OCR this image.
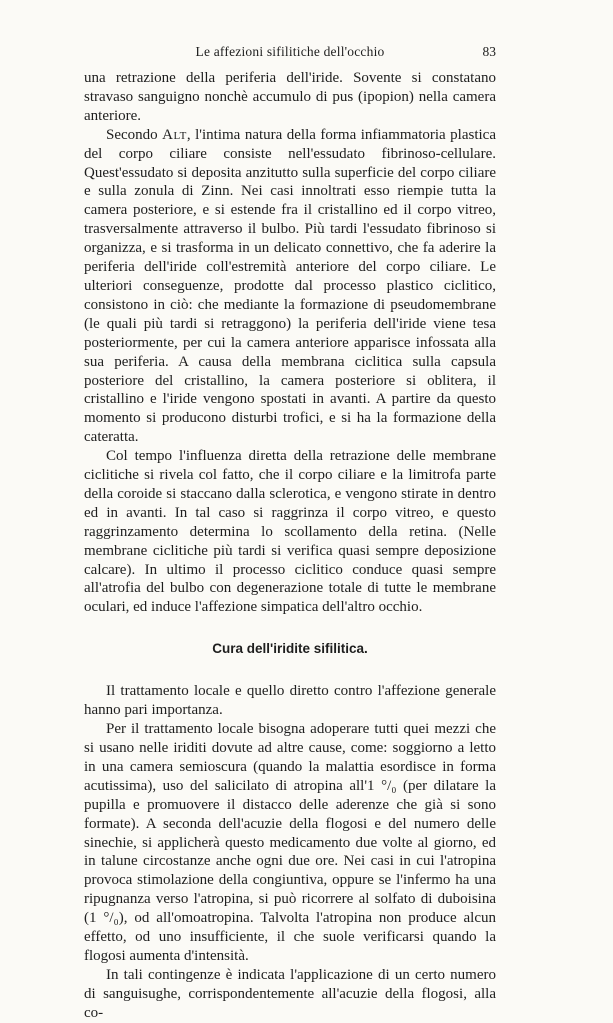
Le affezioni sifilitiche dell'occhio	83

una retrazione della periferia dell'iride. Sovente si constatano stravaso sanguigno nonchè accumulo di pus (ipopion) nella camera anteriore.

Secondo Alt, l'intima natura della forma infiammatoria plastica del corpo ciliare consiste nell'essudato fibrinoso-cellulare. Quest'essudato si deposita anzitutto sulla superficie del corpo ciliare e sulla zonula di Zinn. Nei casi innoltrati esso riempie tutta la camera posteriore, e si estende fra il cristallino ed il corpo vitreo, trasversalmente attraverso il bulbo. Più tardi l'essudato fibrinoso si organizza, e si trasforma in un delicato connettivo, che fa aderire la periferia dell'iride coll'estremità anteriore del corpo ciliare. Le ulteriori conseguenze, prodotte dal processo plastico ciclitico, consistono in ciò: che mediante la formazione di pseudomembrane (le quali più tardi si retraggono) la periferia dell'iride viene tesa posteriormente, per cui la camera anteriore apparisce infossata alla sua periferia. A causa della membrana ciclitica sulla capsula posteriore del cristallino, la camera posteriore si oblitera, il cristallino e l'iride vengono spostati in avanti. A partire da questo momento si producono disturbi trofici, e si ha la formazione della cateratta.

Col tempo l'influenza diretta della retrazione delle membrane ciclitiche si rivela col fatto, che il corpo ciliare e la limitrofa parte della coroide si staccano dalla sclerotica, e vengono stirate in dentro ed in avanti. In tal caso si raggrinza il corpo vitreo, e questo raggrinzamento determina lo scollamento della retina. (Nelle membrane ciclitiche più tardi si verifica quasi sempre deposizione calcare). In ultimo il processo ciclitico conduce quasi sempre all'atrofia del bulbo con degenerazione totale di tutte le membrane oculari, ed induce l'affezione simpatica dell'altro occhio.

Cura dell'iridite sifilitica.

Il trattamento locale e quello diretto contro l'affezione generale hanno pari importanza.

Per il trattamento locale bisogna adoperare tutti quei mezzi che si usano nelle iriditi dovute ad altre cause, come: soggiorno a letto in una camera semioscura (quando la malattia esordisce in forma acutissima), uso del salicilato di atropina all'1 °/₀ (per dilatare la pupilla e promuovere il distacco delle aderenze che già si sono formate). A seconda dell'acuzie della flogosi e del numero delle sinechie, si applicherà questo medicamento due volte al giorno, ed in talune circostanze anche ogni due ore. Nei casi in cui l'atropina provoca stimolazione della congiuntiva, oppure se l'infermo ha una ripugnanza verso l'atropina, si può ricorrere al solfato di duboisina (1 °/₀), od all'omoatropina. Talvolta l'atropina non produce alcun effetto, od uno insufficiente, il che suole verificarsi quando la flogosi aumenta d'intensità.

In tali contingenze è indicata l'applicazione di un certo numero di sanguisughe, corrispondentemente all'acuzie della flogosi, alla co-
